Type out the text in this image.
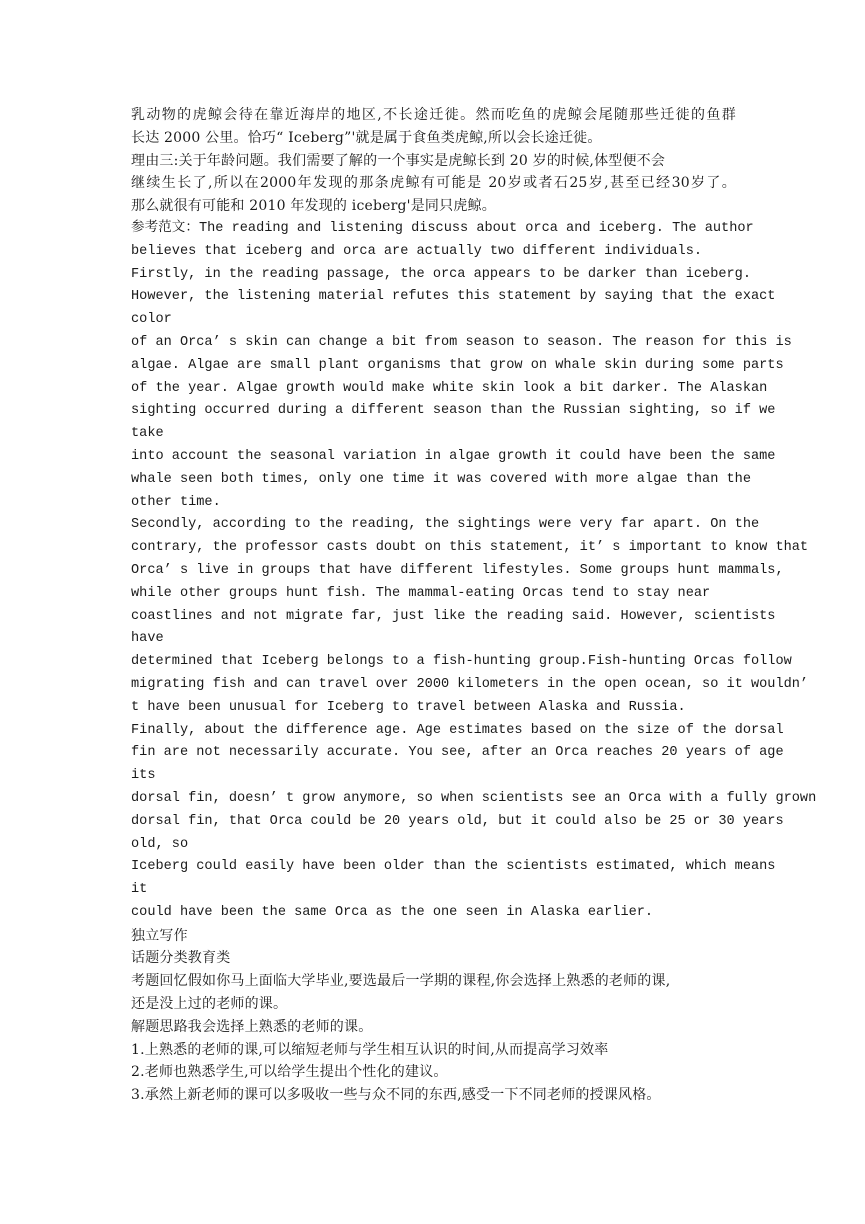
乳动物的虎鲸会待在靠近海岸的地区,不长途迁徙。然而吃鱼的虎鲸会尾随那些迁徙的鱼群
长达 2000 公里。恰巧“ Iceberg”'就是属于食鱼类虎鲸,所以会长途迁徙。
理由三:关于年龄问题。我们需要了解的一个事实是虎鲸长到 20 岁的时候,体型便不会
继续生长了,所以在2000年发现的那条虎鲸有可能是 20岁或者石25岁,甚至已经30岁了。
那么就很有可能和 2010 年发现的 iceberg'是同只虎鲸。
参考范文：The reading and listening discuss about orca and iceberg. The author
believes that iceberg and orca are actually two different individuals.
Firstly, in the reading passage, the orca appears to be darker than iceberg.
However, the listening material refutes this statement by saying that the exact
color
of an Orca’ s skin can change a bit from season to season. The reason for this is
algae. Algae are small plant organisms that grow on whale skin during some parts
of the year. Algae growth would make white skin look a bit darker. The Alaskan
sighting occurred during a different season than the Russian sighting, so if we
take
into account the seasonal variation in algae growth it could have been the same
whale seen both times, only one time it was covered with more algae than the
other time.
Secondly, according to the reading, the sightings were very far apart. On the
contrary, the professor casts doubt on this statement, it’ s important to know that
Orca’ s live in groups that have different lifestyles. Some groups hunt mammals,
while other groups hunt fish. The mammal-eating Orcas tend to stay near
coastlines and not migrate far, just like the reading said. However, scientists
have
determined that Iceberg belongs to a fish-hunting group.Fish-hunting Orcas follow
migrating fish and can travel over 2000 kilometers in the open ocean, so it wouldn’
t have been unusual for Iceberg to travel between Alaska and Russia.
Finally, about the difference age. Age estimates based on the size of the dorsal
fin are not necessarily accurate. You see, after an Orca reaches 20 years of age
its
dorsal fin, doesn’ t grow anymore, so when scientists see an Orca with a fully grown
dorsal fin, that Orca could be 20 years old, but it could also be 25 or 30 years
old, so
Iceberg could easily have been older than the scientists estimated, which means
it
could have been the same Orca as the one seen in Alaska earlier.
独立写作
话题分类教育类
考题回忆假如你马上面临大学毕业,要选最后一学期的课程,你会选择上熟悉的老师的课,
还是没上过的老师的课。
解题思路我会选择上熟悉的老师的课。
1.上熟悉的老师的课,可以缩短老师与学生相互认识的时间,从而提高学习效率
2.老师也熟悉学生,可以给学生提出个性化的建议。
3.承然上新老师的课可以多吸收一些与众不同的东西,感受一下不同老师的授课风格。
